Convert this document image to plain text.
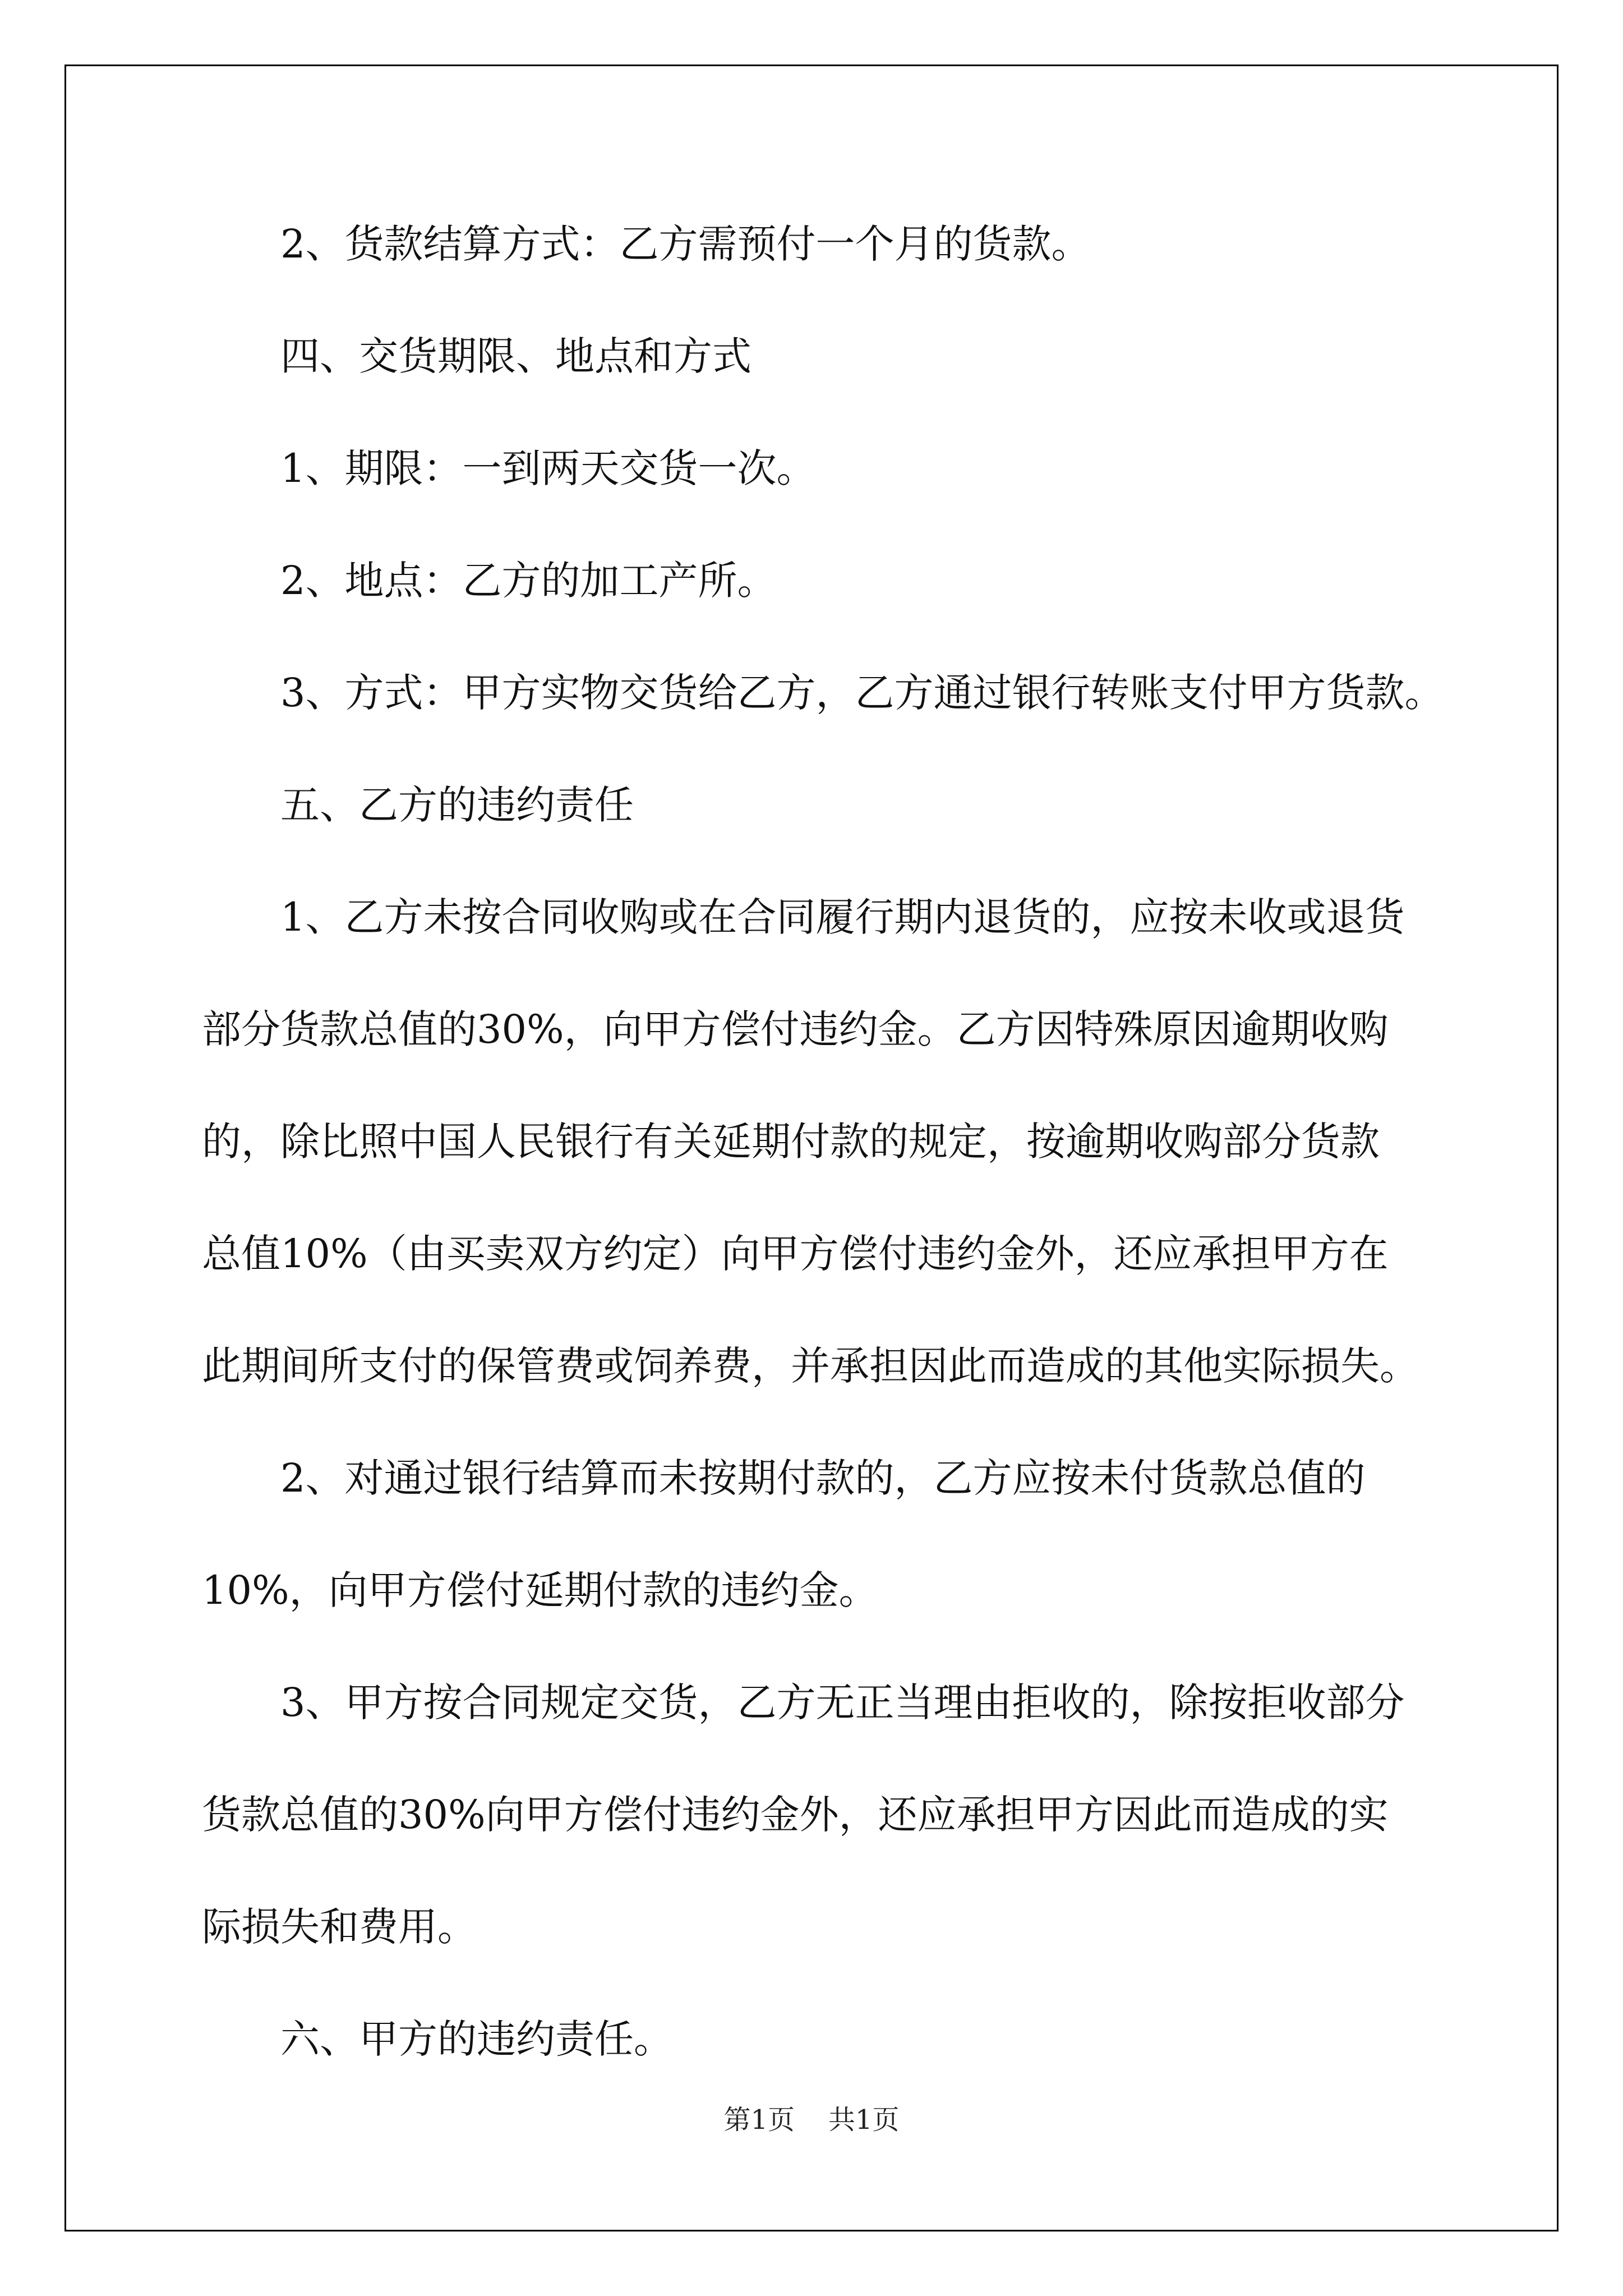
2、货款结算方式：乙方需预付一个月的货款。
四、交货期限、地点和方式
1、期限：一到两天交货一次。
2、地点：乙方的加工产所。
3、方式：甲方实物交货给乙方，乙方通过银行转账支付甲方货款。
五、乙方的违约责任
1、乙方未按合同收购或在合同履行期内退货的，应按未收或退货
部分货款总值的30%，向甲方偿付违约金。乙方因特殊原因逾期收购
的，除比照中国人民银行有关延期付款的规定，按逾期收购部分货款
总值10%（由买卖双方约定）向甲方偿付违约金外，还应承担甲方在
此期间所支付的保管费或饲养费，并承担因此而造成的其他实际损失。
2、对通过银行结算而未按期付款的，乙方应按未付货款总值的
10%，向甲方偿付延期付款的违约金。
3、甲方按合同规定交货，乙方无正当理由拒收的，除按拒收部分
货款总值的30%向甲方偿付违约金外，还应承担甲方因此而造成的实
际损失和费用。
六、甲方的违约责任。
第1页 共1页
